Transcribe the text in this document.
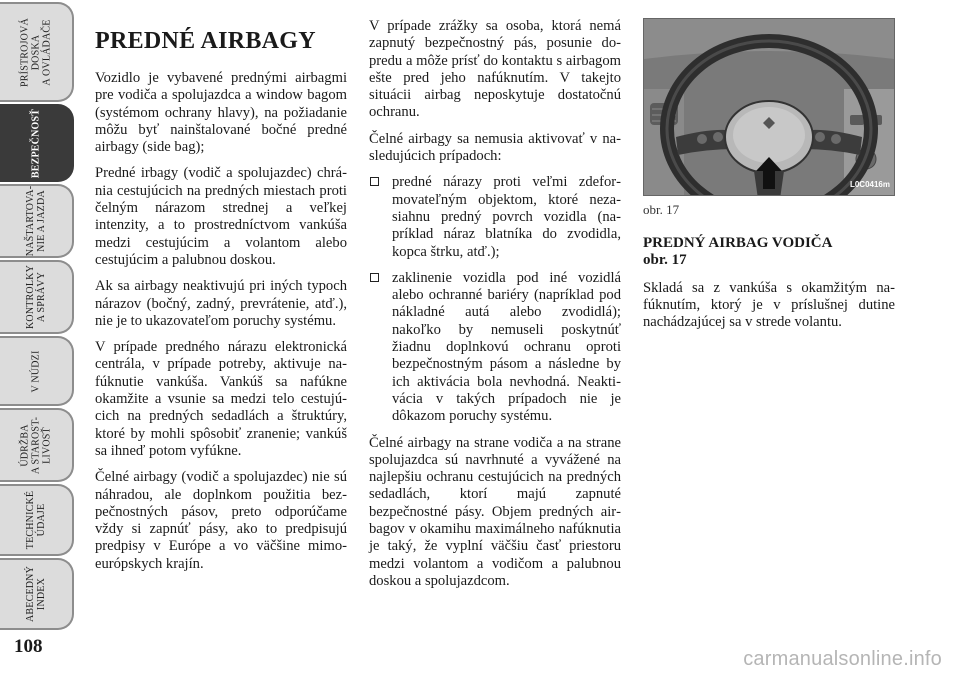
PRÍSTROJOVÁ
DOSKA
A OVLÁDAČE
BEZPEČNOSŤ
NAŠTARTOVA-
NIE A JAZDA
KONTROLKY
A SPRÁVY
V NÚDZI
ÚDRŽBA
A STAROST-
LIVOSŤ
TECHNICKÉ
ÚDAJE
ABECEDNÝ
INDEX
108
PREDNÉ AIRBAGY

Vozidlo je vybavené prednými airbagmi pre vodiča a spolujazdca a window bagom (systémom ochrany hlavy), na požiadanie môžu byť nainštalované bočné predné airbagy (side bag);

Predné irbagy (vodič a spolujazdec) chránia cestujúcich na predných miestach proti čelným nárazom strednej a veľkej intenzity, a to prostredníctvom vankúša medzi cestujúcim a volantom alebo cestujúcim a palubnou doskou.

Ak sa airbagy neaktivujú pri iných typoch nárazov (bočný, zadný, prevrátenie, atď.), nie je to ukazovateľom poruchy systému.

V prípade predného nárazu elektronická centrála, v prípade potreby, aktivuje nafúknutie vankúša. Vankúš sa nafúkne okamžite a vsunie sa medzi telo cestujúcich na predných sedadlách a štruktúry, ktoré by mohli spôsobiť zranenie; vankúš sa ihneď potom vyfúkne.

Čelné airbagy (vodič a spolujazdec) nie sú náhradou, ale doplnkom použitia bezpečnostných pásov, preto odporúčame vždy si zapnúť pásy, ako to predpisujú predpisy v Európe a vo väčšine mimoeurópskych krajín.

V prípade zrážky sa osoba, ktorá nemá zapnutý bezpečnostný pás, posunie dopredu a môže prísť do kontaktu s airbagom ešte pred jeho nafúknutím. V takejto situácii airbag neposkytuje dostatočnú ochranu.

Čelné airbagy sa nemusia aktivovať v nasledujúcich prípadoch:

predné nárazy proti veľmi zdeformovateľným objektom, ktoré nezasiahnu predný povrch vozidla (napríklad náraz blatníka do zvodidla, kopca štrku, atď.);
zaklinenie vozidla pod iné vozidlá alebo ochranné bariéry (napríklad pod nákladné autá alebo zvodidlá); nakoľko by nemuseli poskytnúť žiadnu doplnkovú ochranu oproti bezpečnostným pásom a následne by ich aktivácia bola nevhodná. Neaktivácia v takých prípadoch nie je dôkazom poruchy systému.

Čelné airbagy na strane vodiča a na strane spolujazdca sú navrhnuté a vyvážené na najlepšiu ochranu cestujúcich na predných sedadlách, ktorí majú zapnuté bezpečnostné pásy. Objem predných airbagov v okamihu maximálneho nafúknutia je taký, že vyplní väčšiu časť priestoru medzi volantom a vodičom a palubnou doskou a spolujazdcom.

L0C0416m
obr. 17
PREDNÝ AIRBAG VODIČA
obr. 17

Skladá sa z vankúša s okamžitým nafúknutím, ktorý je v príslušnej dutine nachádzajúcej sa v strede volantu.

carmanualsonline.info
